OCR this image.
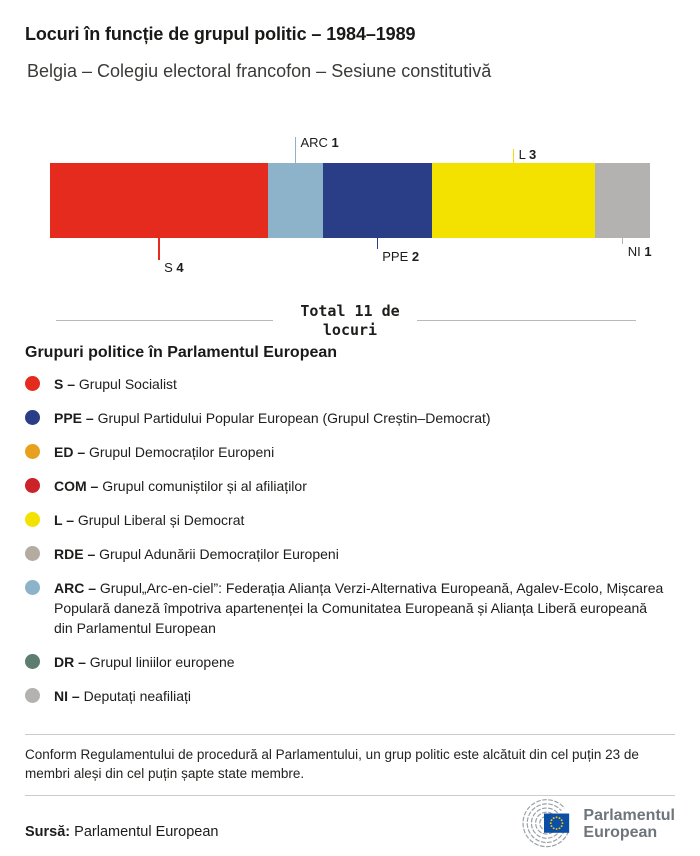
Locuri în funcție de grupul politic – 1984–1989
Belgia – Colegiu electoral francofon – Sesiune constitutivă
S 4
ARC 1
PPE 2
L 3
NI 1
Total 11 de
locuri
Grupuri politice în Parlamentul European
S – Grupul Socialist
PPE – Grupul Partidului Popular European (Grupul Creștin–Democrat)
ED – Grupul Democraților Europeni
COM – Grupul comuniștilor și al afiliaților
L – Grupul Liberal și Democrat
RDE – Grupul Adunării Democraților Europeni
ARC – Grupul„Arc-en-ciel”: Federația Alianța Verzi-Alternativa Europeană, Agalev-Ecolo, Mișcarea Populară daneză împotriva apartenenței la Comunitatea Europeană și Alianța Liberă europeană din Parlamentul European
DR – Grupul liniilor europene
NI – Deputați neafiliați

Conform Regulamentului de procedură al Parlamentului, un grup politic este alcătuit din cel puțin 23 de membri aleși din cel puțin șapte state membre.

Sursă: Parlamentul European
Parlamentul
European
